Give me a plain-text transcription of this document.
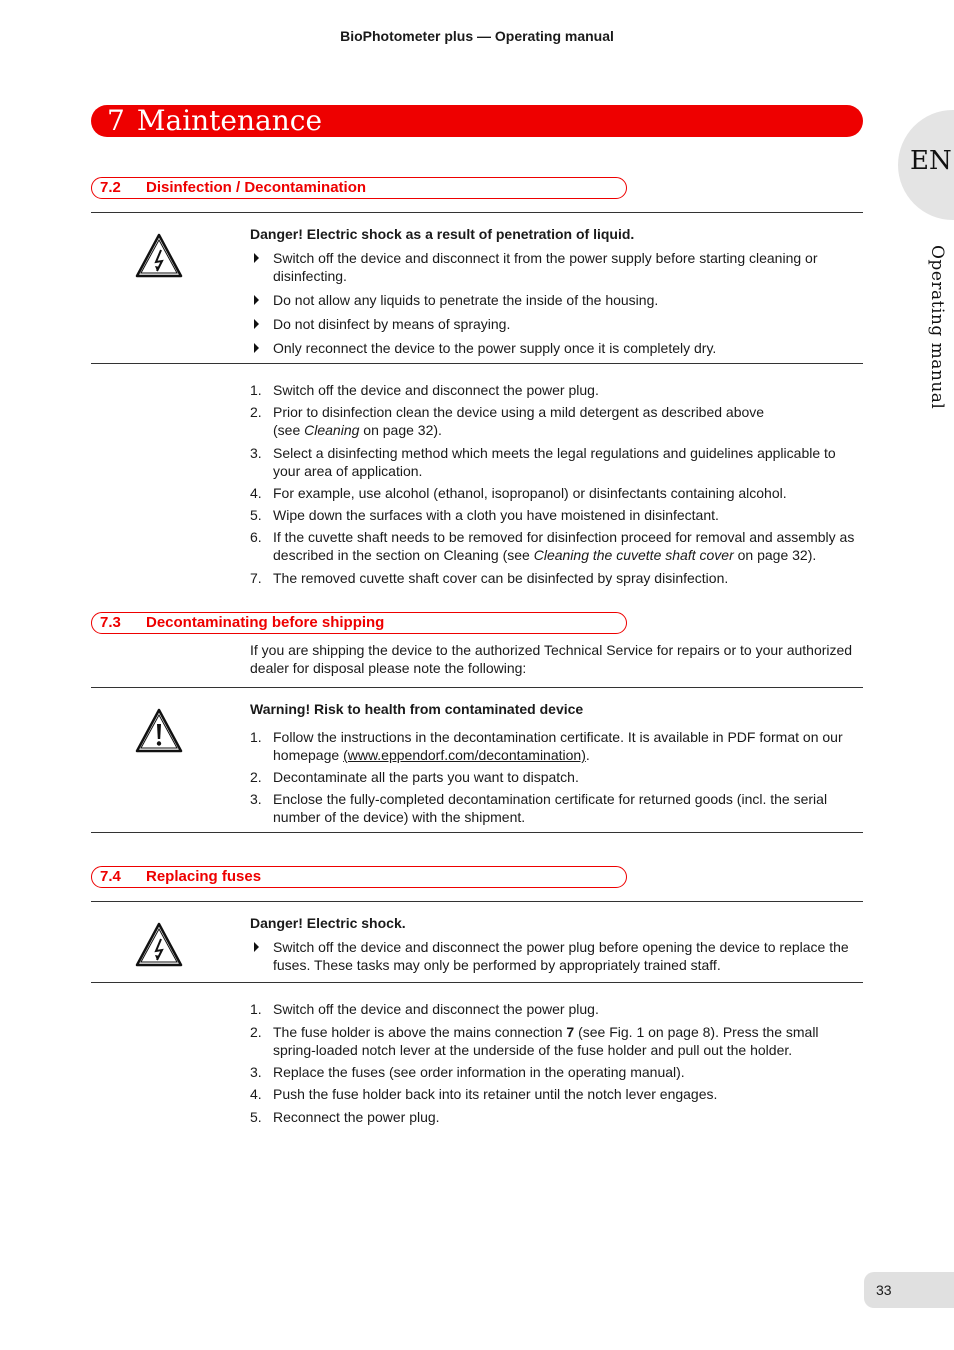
BioPhotometer plus — Operating manual
7 Maintenance
EN
Operating manual
7.2 Disinfection / Decontamination
Danger! Electric shock as a result of penetration of liquid.
Switch off the device and disconnect it from the power supply before starting cleaning or disinfecting.
Do not allow any liquids to penetrate the inside of the housing.
Do not disinfect by means of spraying.
Only reconnect the device to the power supply once it is completely dry.
1. Switch off the device and disconnect the power plug.
2. Prior to disinfection clean the device using a mild detergent as described above
(see Cleaning on page 32).
3. Select a disinfecting method which meets the legal regulations and guidelines applicable to your area of application.
4. For example, use alcohol (ethanol, isopropanol) or disinfectants containing alcohol.
5. Wipe down the surfaces with a cloth you have moistened in disinfectant.
6. If the cuvette shaft needs to be removed for disinfection proceed for removal and assembly as described in the section on Cleaning (see Cleaning the cuvette shaft cover on page 32).
7. The removed cuvette shaft cover can be disinfected by spray disinfection.
7.3 Decontaminating before shipping
If you are shipping the device to the authorized Technical Service for repairs or to your authorized dealer for disposal please note the following:
Warning! Risk to health from contaminated device
1. Follow the instructions in the decontamination certificate. It is available in PDF format on our homepage (www.eppendorf.com/decontamination).
2. Decontaminate all the parts you want to dispatch.
3. Enclose the fully-completed decontamination certificate for returned goods (incl. the serial number of the device) with the shipment.
7.4 Replacing fuses
Danger! Electric shock.
Switch off the device and disconnect the power plug before opening the device to replace the fuses. These tasks may only be performed by appropriately trained staff.
1. Switch off the device and disconnect the power plug.
2. The fuse holder is above the mains connection 7 (see Fig. 1 on page 8). Press the small spring-loaded notch lever at the underside of the fuse holder and pull out the holder.
3. Replace the fuses (see order information in the operating manual).
4. Push the fuse holder back into its retainer until the notch lever engages.
5. Reconnect the power plug.
33
